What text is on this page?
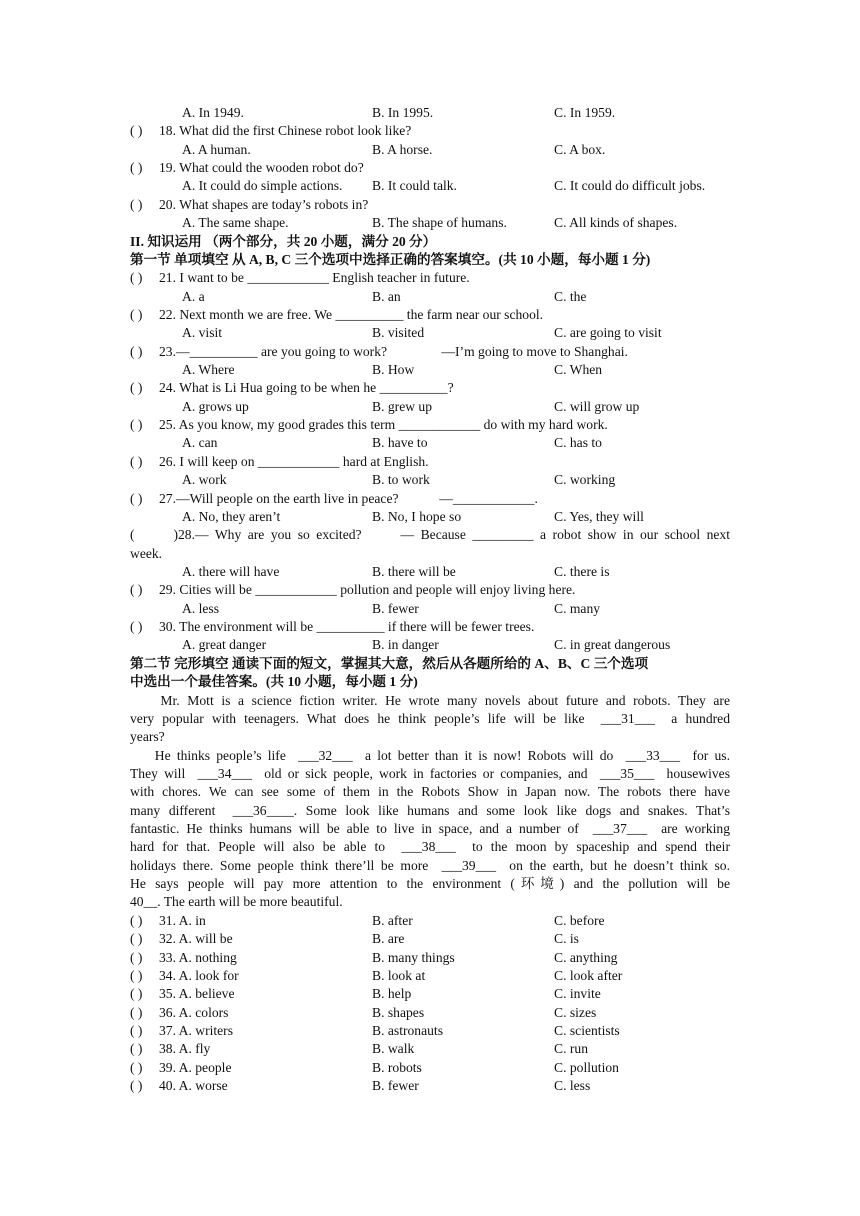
A. In 1949.	B. In 1995.	C. In 1959.
( ) 18. What did the first Chinese robot look like?
A. A human.	B. A horse.	C. A box.
( ) 19. What could the wooden robot do?
A. It could do simple actions. B. It could talk.	C. It could do difficult jobs.
( ) 20. What shapes are today’s robots in?
A. The same shape.	B. The shape of humans.	C. All kinds of shapes.
II. 知识运用 （两个部分，共 20 小题，满分 20 分）
第一节 单项填空 从 A, B, C 三个选项中选择正确的答案填空。(共 10 小题，每小题 1 分)
( ) 21. I want to be ____________ English teacher in future.
A. a	B. an	C. the
( ) 22. Next month we are free. We __________ the farm near our school.
A. visit	B. visited	C. are going to visit
( ) 23.—__________ are you going to work?                —I’m going to move to Shanghai.
A. Where	B. How	C. When
( ) 24. What is Li Hua going to be when he __________?
A. grows up	B. grew up	C. will grow up
( ) 25. As you know, my good grades this term ____________ do with my hard work.
A. can	B. have to	C. has to
( ) 26. I will keep on ____________ hard at English.
A. work	B. to work	C. working
( ) 27.—Will people on the earth live in peace?            —____________.
A. No, they aren’t	B. No, I hope so	C. Yes, they will
(      )28.— Why are you so excited?      — Because _________ a robot show in our school next
week.
A. there will have	B. there will be	C. there is
( ) 29. Cities will be ____________ pollution and people will enjoy living here.
A. less	B. fewer	C. many
( ) 30. The environment will be __________ if there will be fewer trees.
A. great danger	B. in danger	C. in great dangerous
第二节 完形填空 通读下面的短文，掌握其大意，然后从各题所给的 A、B、C 三个选项
中选出一个最佳答案。(共 10 小题，每小题 1 分)
Mr. Mott is a science fiction writer. He wrote many novels about future and robots. They are
very popular with teenagers. What does he think people’s life will be like  ___31___  a hundred
years?
He thinks people’s life  ___32___  a lot better than it is now! Robots will do  ___33___  for us.
They will  ___34___  old or sick people, work in factories or companies, and  ___35___  housewives
with chores. We can see some of them in the Robots Show in Japan now. The robots there have
many different  ___36____. Some look like humans and some look like dogs and snakes. That’s
fantastic. He thinks humans will be able to live in space, and a number of  ___37___  are working
hard for that. People will also be able to  ___38___  to the moon by spaceship and spend their
holidays there. Some people think there’ll be more  ___39___  on the earth, but he doesn’t think so.
He says people will pay more attention to the environment (环境) and the pollution will be
40__. The earth will be more beautiful.
( ) 31. A. in	B. after	C. before
( ) 32. A. will be	B. are	C. is
( ) 33. A. nothing	B. many things	C. anything
( ) 34. A. look for	B. look at	C. look after
( ) 35. A. believe	B. help	C. invite
( ) 36. A. colors	B. shapes	C. sizes
( ) 37. A. writers	B. astronauts	C. scientists
( ) 38. A. fly	B. walk	C. run
( ) 39. A. people	B. robots	C. pollution
( ) 40. A. worse	B. fewer	C. less
